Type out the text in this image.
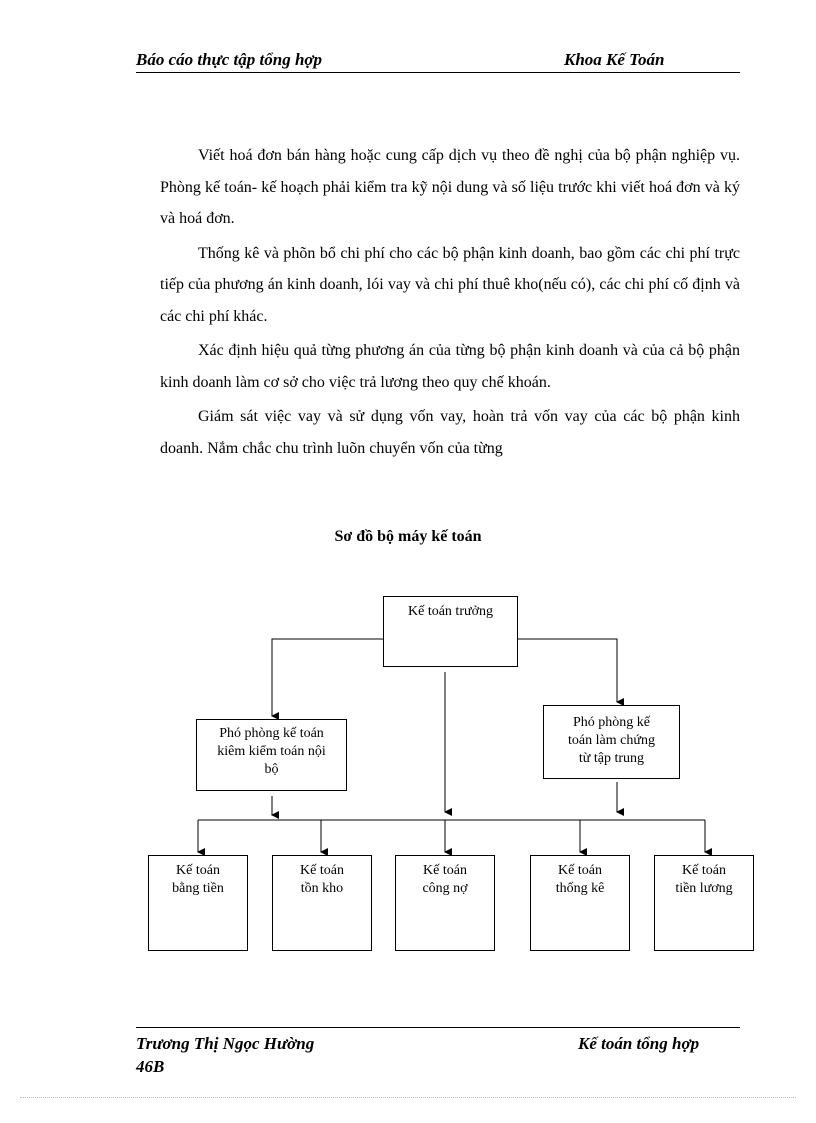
Báo cáo thực tập tổng hợp	Khoa Kế Toán

Viết hoá đơn bán hàng hoặc cung cấp dịch vụ theo đề nghị của bộ phận nghiệp vụ. Phòng kế toán- kế hoạch phải kiểm tra kỹ nội dung và số liệu trước khi viết hoá đơn và ký và hoá đơn.

Thống kê và phõn bổ chi phí cho các bộ phận kinh doanh, bao gồm các chi phí trực tiếp của phương án kinh doanh, lói vay và chi phí thuê kho(nếu có), các chi phí cố định và các chi phí khác.

Xác định hiệu quả từng phương án của từng bộ phận kinh doanh và của cả bộ phận kinh doanh làm cơ sở cho việc trả lương theo quy chế khoán.

Giám sát việc vay và sử dụng vốn vay, hoàn trả vốn vay của các bộ phận kinh doanh. Nắm chắc chu trình luõn chuyển vốn của từng

Sơ đồ bộ máy kế toán
Kế toán trưởng
Phó phòng kế toán
kiêm kiểm toán nội
bộ
Phó phòng kế
toán làm chứng
từ tập trung
Kế toán
bằng tiền
Kế toán
tồn kho
Kế toán
công nợ
Kế toán
thống kê
Kế toán
tiền lương
Trương Thị Ngọc Hường
46B
Kế toán tổng hợp
